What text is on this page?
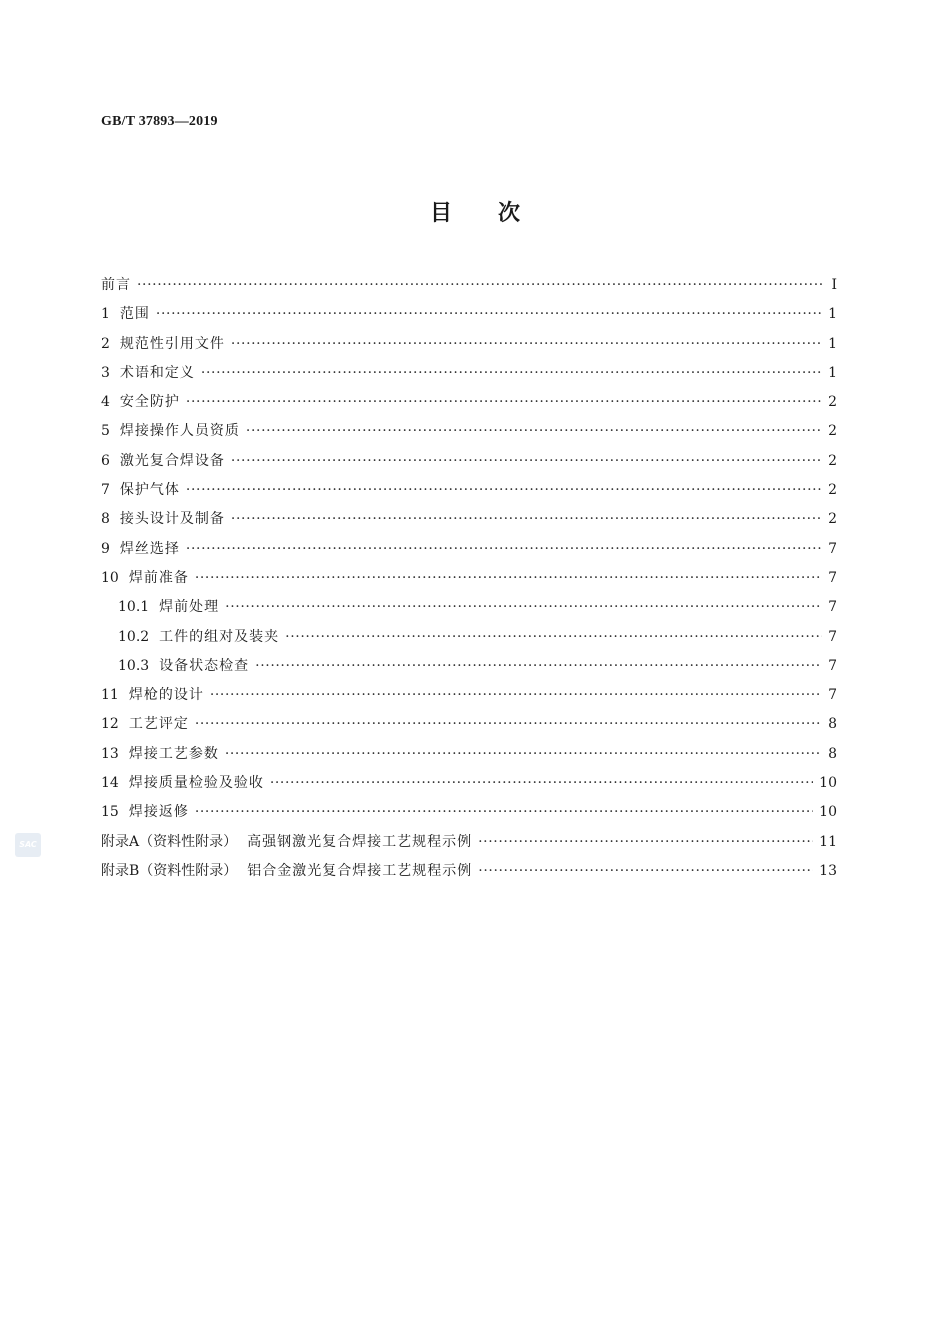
GB/T 37893—2019
目次
前言 ·····	Ⅰ
1 范围 ·····	1
2 规范性引用文件 ·····	1
3 术语和定义 ·····	1
4 安全防护 ·····	2
5 焊接操作人员资质 ·····	2
6 激光复合焊设备 ·····	2
7 保护气体 ·····	2
8 接头设计及制备 ·····	2
9 焊丝选择 ·····	7
10 焊前准备 ·····	7
10.1 焊前处理 ·····	7
10.2 工件的组对及装夹 ·····	7
10.3 设备状态检查 ·····	7
11 焊枪的设计 ·····	7
12 工艺评定 ·····	8
13 焊接工艺参数 ·····	8
14 焊接质量检验及验收 ·····	10
15 焊接返修 ·····	10
附录A（资料性附录） 高强钢激光复合焊接工艺规程示例 ·····	11
附录B（资料性附录） 铝合金激光复合焊接工艺规程示例 ·····	13
SAC
